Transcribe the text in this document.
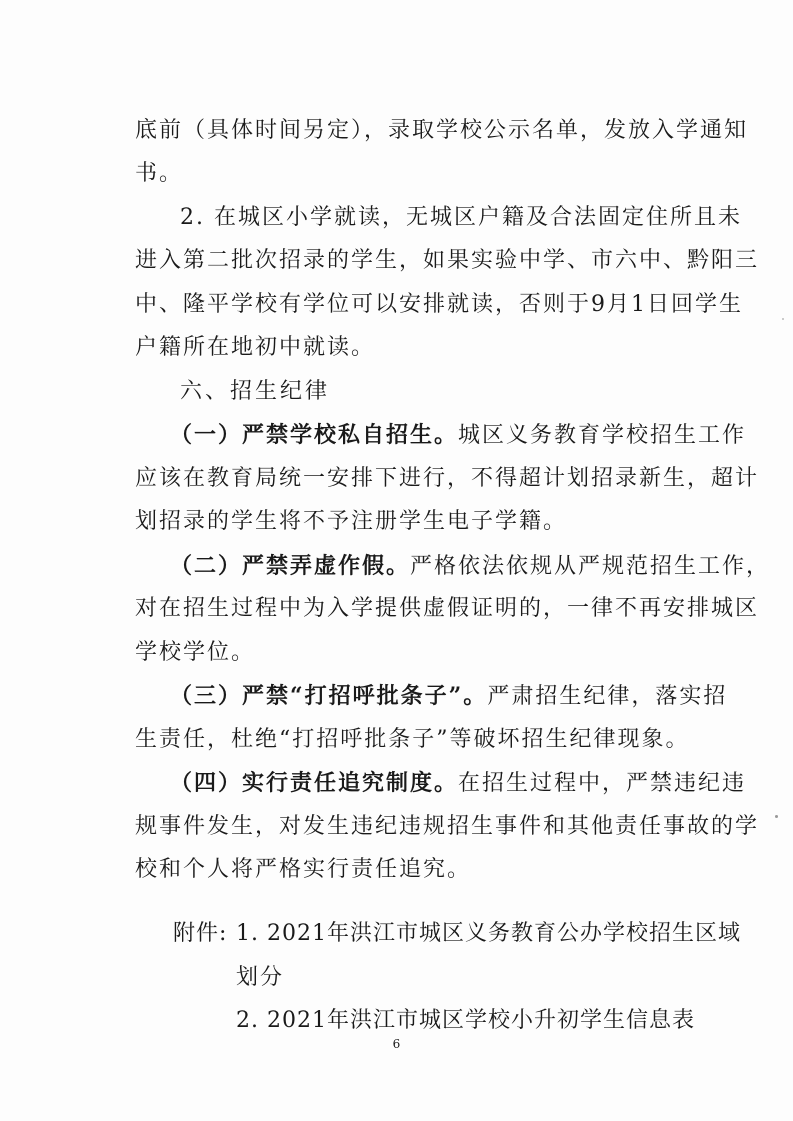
底前（具体时间另定），录取学校公示名单，发放入学通知
书。
2. 在城区小学就读，无城区户籍及合法固定住所且未
进入第二批次招录的学生，如果实验中学、市六中、黔阳三
中、隆平学校有学位可以安排就读，否则于9月1日回学生
户籍所在地初中就读。
六、招生纪律
（一）严禁学校私自招生。城区义务教育学校招生工作
应该在教育局统一安排下进行，不得超计划招录新生，超计
划招录的学生将不予注册学生电子学籍。
（二）严禁弄虚作假。严格依法依规从严规范招生工作，
对在招生过程中为入学提供虚假证明的，一律不再安排城区
学校学位。
（三）严禁“打招呼批条子”。严肃招生纪律，落实招
生责任，杜绝“打招呼批条子”等破坏招生纪律现象。
（四）实行责任追究制度。在招生过程中，严禁违纪违
规事件发生，对发生违纪违规招生事件和其他责任事故的学
校和个人将严格实行责任追究。
附件: 1. 2021年洪江市城区义务教育公办学校招生区域
划分
2. 2021年洪江市城区学校小升初学生信息表
6
